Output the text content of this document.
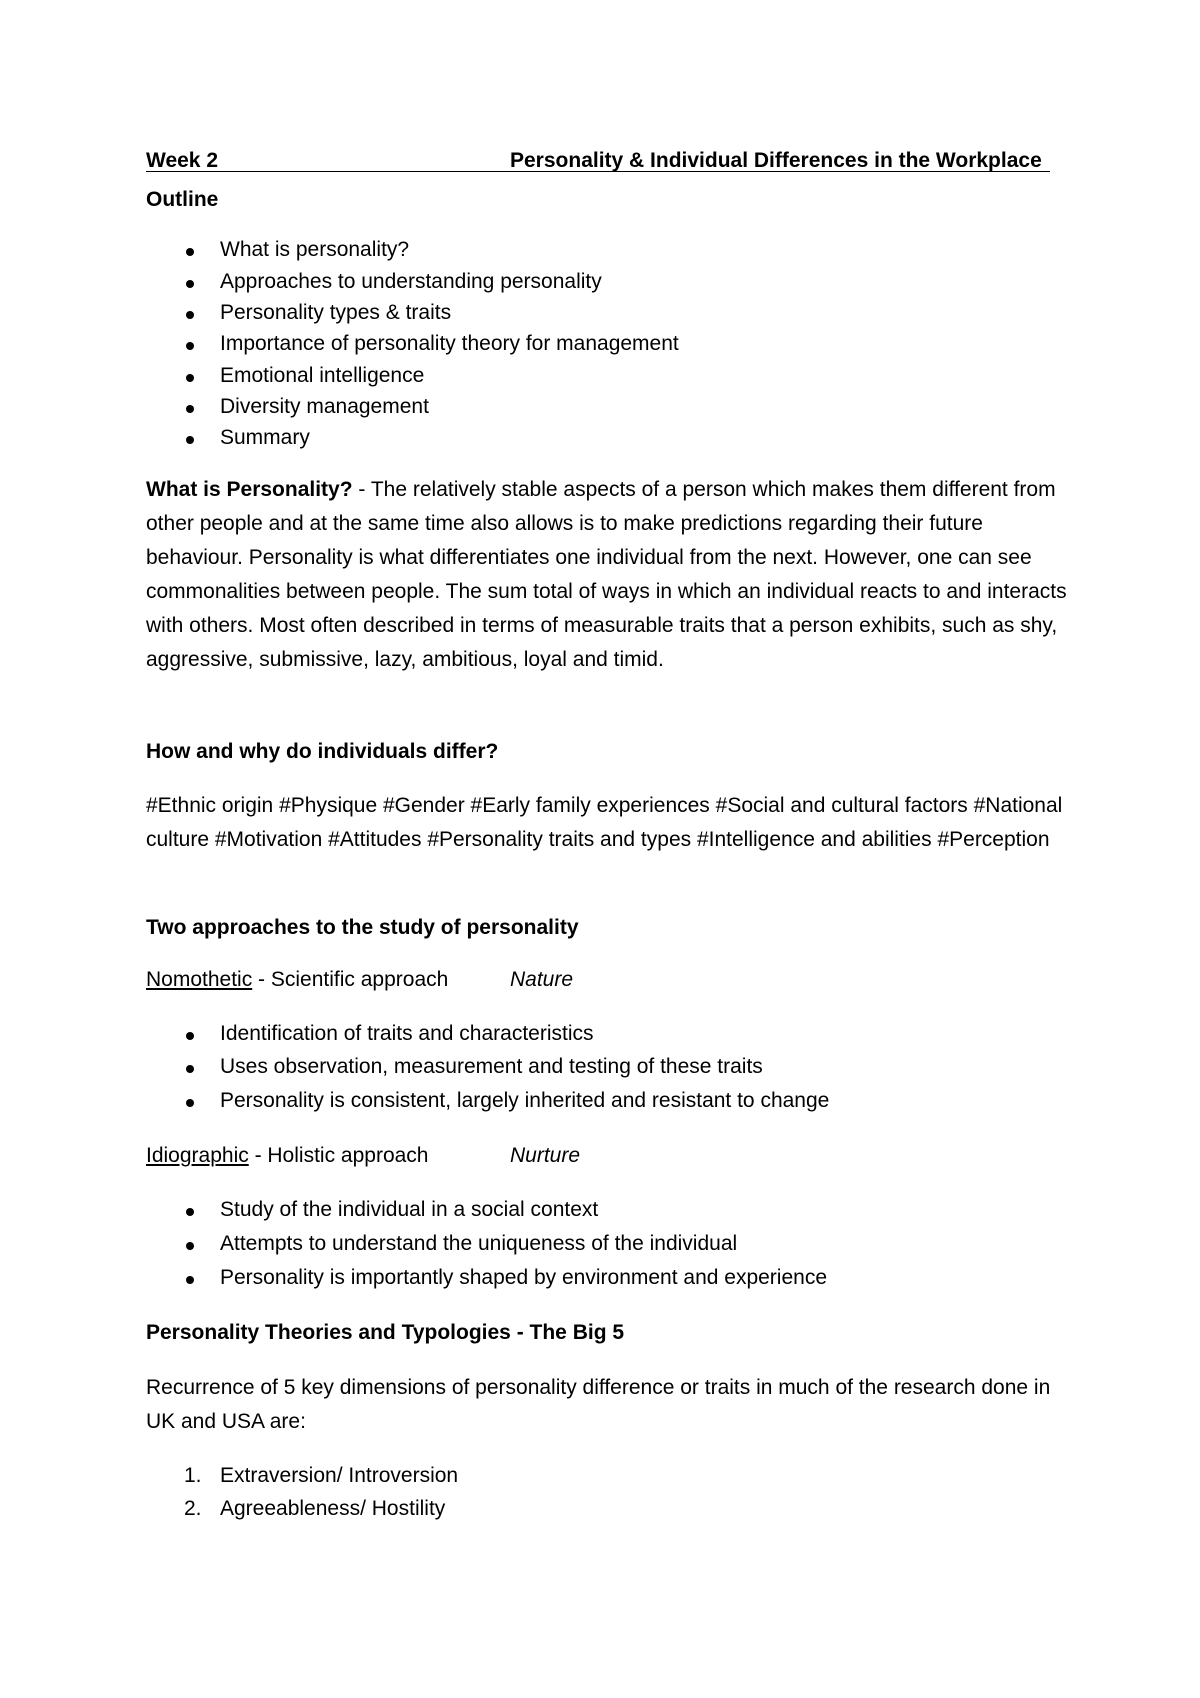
Week 2	Personality & Individual Differences in the Workplace
Outline
What is personality?
Approaches to understanding personality
Personality types & traits
Importance of personality theory for management
Emotional intelligence
Diversity management
Summary
What is Personality? - The relatively stable aspects of a person which makes them different from other people and at the same time also allows is to make predictions regarding their future behaviour. Personality is what differentiates one individual from the next. However, one can see commonalities between people. The sum total of ways in which an individual reacts to and interacts with others. Most often described in terms of measurable traits that a person exhibits, such as shy, aggressive, submissive, lazy, ambitious, loyal and timid.
How and why do individuals differ?
#Ethnic origin #Physique #Gender #Early family experiences #Social and cultural factors #National culture #Motivation #Attitudes #Personality traits and types #Intelligence and abilities #Perception
Two approaches to the study of personality
Nomothetic - Scientific approach	Nature
Identification of traits and characteristics
Uses observation, measurement and testing of these traits
Personality is consistent, largely inherited and resistant to change
Idiographic - Holistic approach	Nurture
Study of the individual in a social context
Attempts to understand the uniqueness of the individual
Personality is importantly shaped by environment and experience
Personality Theories and Typologies - The Big 5
Recurrence of 5 key dimensions of personality difference or traits in much of the research done in UK and USA are:
1. Extraversion/ Introversion
2. Agreeableness/ Hostility
